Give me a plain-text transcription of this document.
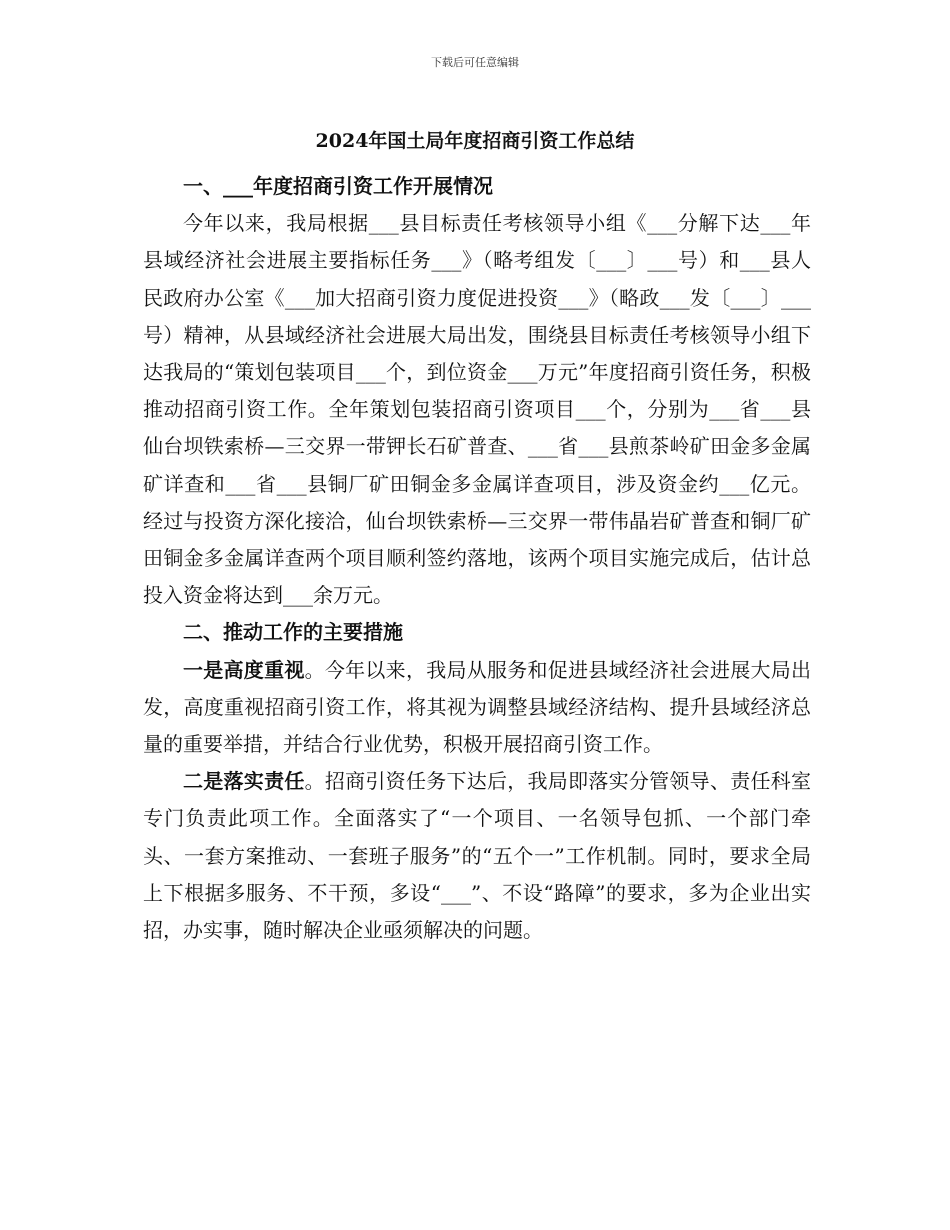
下载后可任意编辑
2024年国土局年度招商引资工作总结

一、___年度招商引资工作开展情况

今年以来，我局根据___县目标责任考核领导小组《___分解下达___年县域经济社会进展主要指标任务___》（略考组发〔___〕___号）和___县人民政府办公室《___加大招商引资力度促进投资___》（略政___发〔___〕___号）精神，从县域经济社会进展大局出发，围绕县目标责任考核领导小组下达我局的“策划包装项目___个，到位资金___万元”年度招商引资任务，积极推动招商引资工作。全年策划包装招商引资项目___个，分别为___省___县仙台坝铁索桥—三交界一带钾长石矿普查、___省___县煎茶岭矿田金多金属矿详查和___省___县铜厂矿田铜金多金属详查项目，涉及资金约___亿元。经过与投资方深化接洽，仙台坝铁索桥—三交界一带伟晶岩矿普查和铜厂矿田铜金多金属详查两个项目顺利签约落地，该两个项目实施完成后，估计总投入资金将达到___余万元。

二、推动工作的主要措施

一是高度重视。今年以来，我局从服务和促进县域经济社会进展大局出发，高度重视招商引资工作，将其视为调整县域经济结构、提升县域经济总量的重要举措，并结合行业优势，积极开展招商引资工作。

二是落实责任。招商引资任务下达后，我局即落实分管领导、责任科室专门负责此项工作。全面落实了“一个项目、一名领导包抓、一个部门牵头、一套方案推动、一套班子服务”的“五个一”工作机制。同时，要求全局上下根据多服务、不干预，多设“___”、不设“路障”的要求，多为企业出实招，办实事，随时解决企业亟须解决的问题。
